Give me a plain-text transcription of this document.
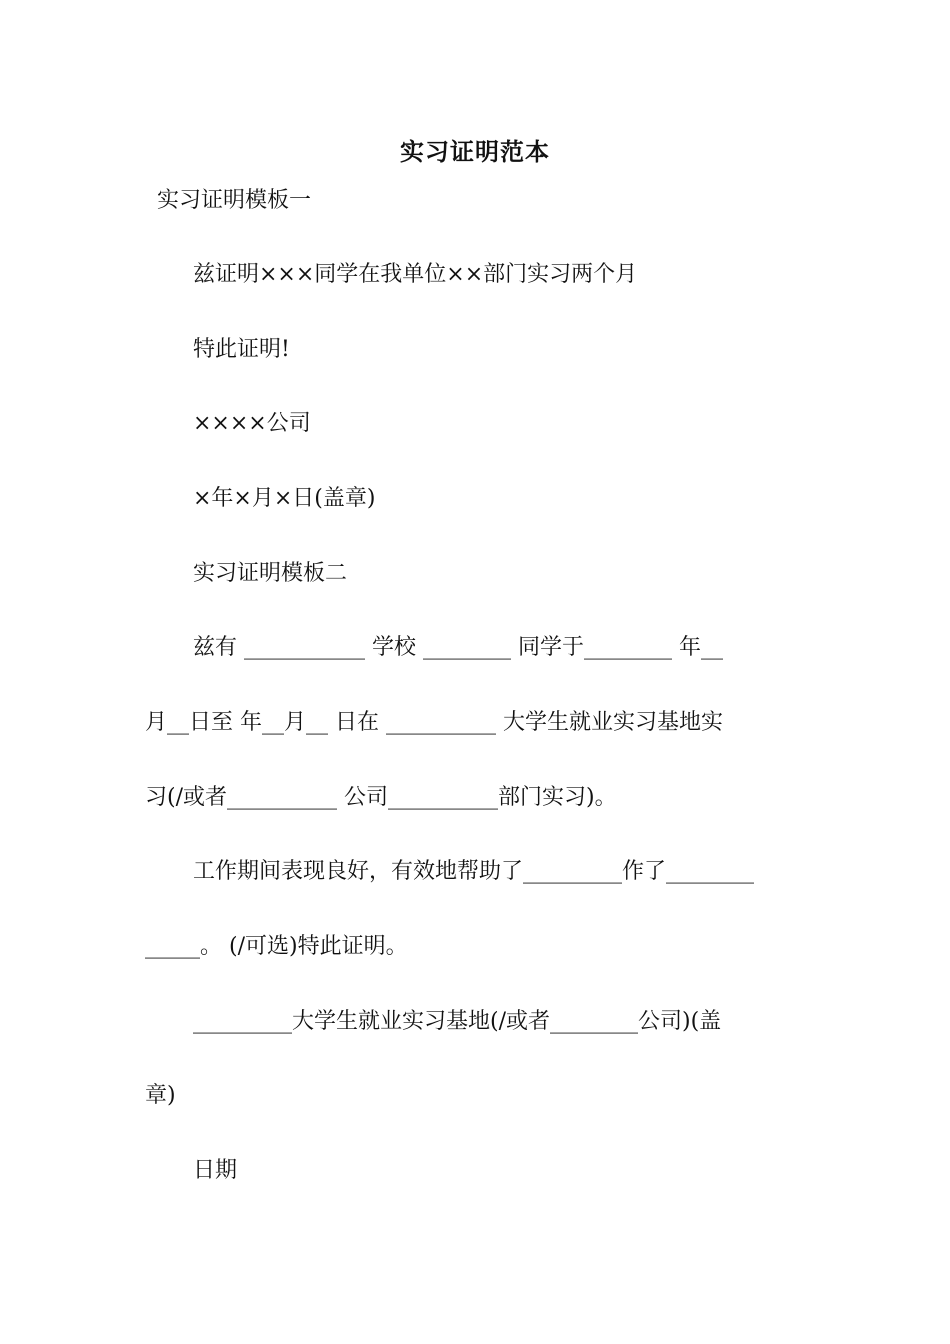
实习证明范本
实习证明模板一
兹证明×××同学在我单位××部门实习两个月
特此证明!
××××公司
×年×月×日(盖章)
实习证明模板二
兹有 ___________ 学校 ________ 同学于________ 年__
月__日至 年__月__ 日在 __________ 大学生就业实习基地实
习(/或者__________ 公司__________部门实习)。
工作期间表现良好，有效地帮助了_________作了________
_____。 (/可选)特此证明。
_________大学生就业实习基地(/或者________公司)(盖
章)
日期
